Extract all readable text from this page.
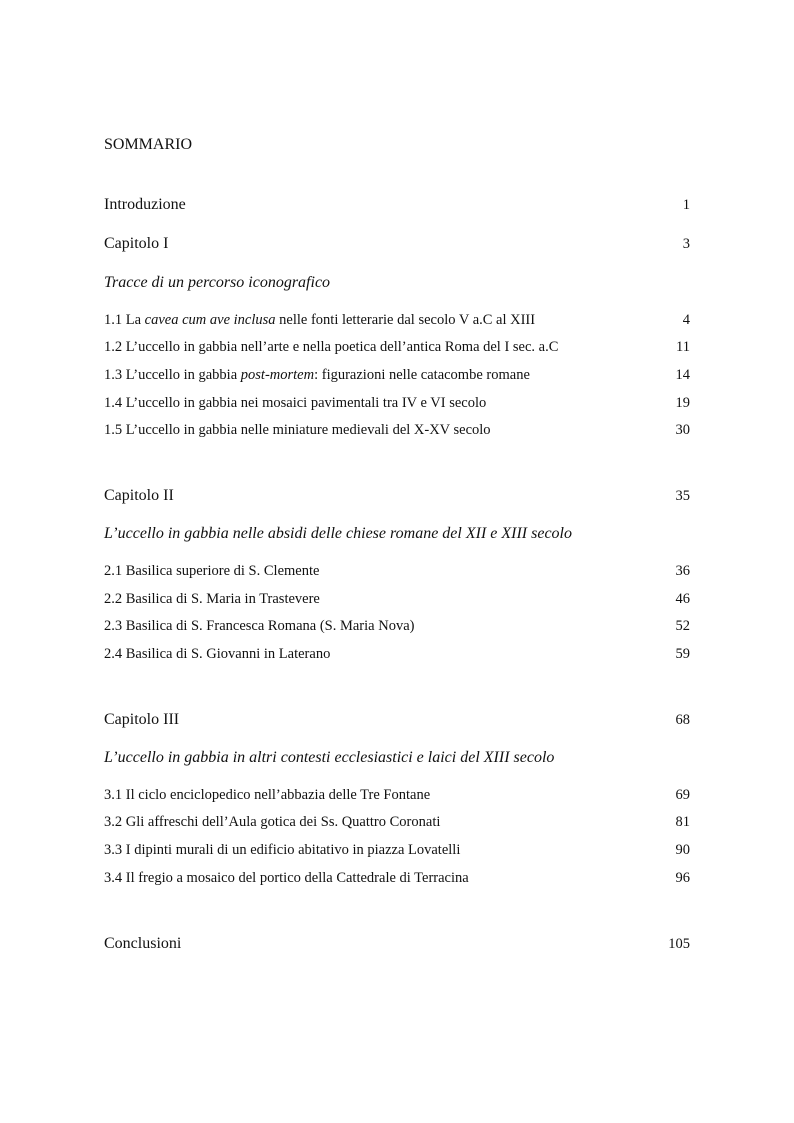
SOMMARIO
Introduzione	1
Capitolo I	3
Tracce di un percorso iconografico
1.1 La cavea cum ave inclusa nelle fonti letterarie dal secolo V a.C al XIII	4
1.2 L’uccello in gabbia nell’arte e nella poetica dell’antica Roma del I sec. a.C	11
1.3 L’uccello in gabbia post-mortem: figurazioni nelle catacombe romane	14
1.4 L’uccello in gabbia nei mosaici pavimentali tra IV e VI secolo	19
1.5 L’uccello in gabbia nelle miniature medievali del X-XV secolo	30
Capitolo II	35
L’uccello in gabbia nelle absidi delle chiese romane del XII e XIII secolo
2.1 Basilica superiore di S. Clemente	36
2.2 Basilica di S. Maria in Trastevere	46
2.3 Basilica di S. Francesca Romana (S. Maria Nova)	52
2.4 Basilica di S. Giovanni in Laterano	59
Capitolo III	68
L’uccello in gabbia in altri contesti ecclesiastici e laici del XIII secolo
3.1 Il ciclo enciclopedico nell’abbazia delle Tre Fontane	69
3.2 Gli affreschi dell’Aula gotica dei Ss. Quattro Coronati	81
3.3 I dipinti murali di un edificio abitativo in piazza Lovatelli	90
3.4 Il fregio a mosaico del portico della Cattedrale di Terracina	96
Conclusioni	105
